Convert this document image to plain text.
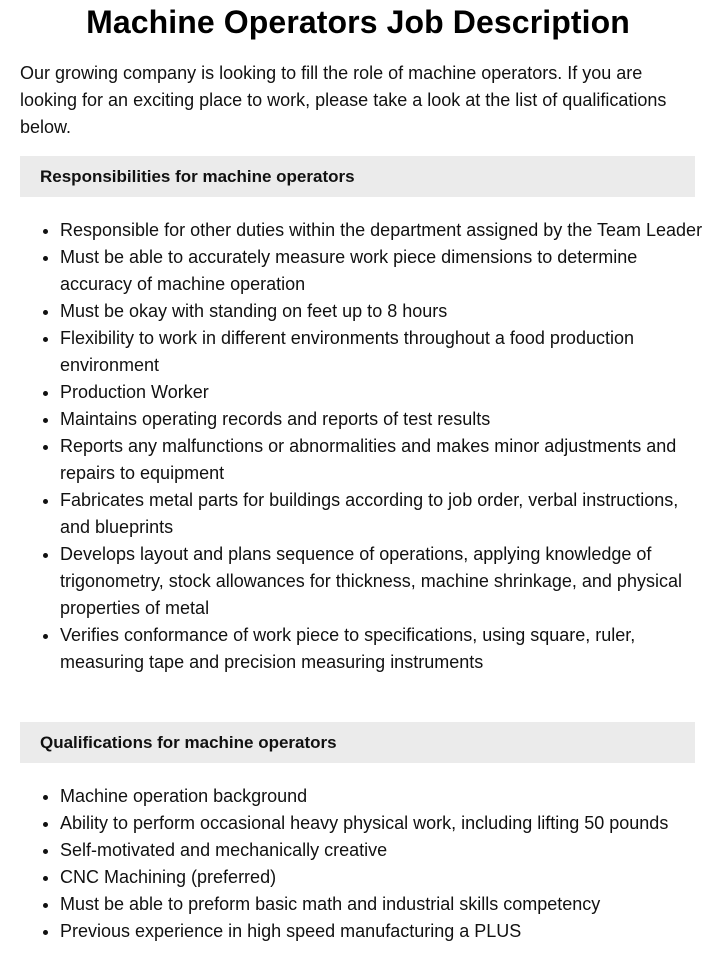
Machine Operators Job Description

Our growing company is looking to fill the role of machine operators. If you are looking for an exciting place to work, please take a look at the list of qualifications below.

Responsibilities for machine operators
• Responsible for other duties within the department assigned by the Team Leader
• Must be able to accurately measure work piece dimensions to determine accuracy of machine operation
• Must be okay with standing on feet up to 8 hours
• Flexibility to work in different environments throughout a food production environment
• Production Worker
• Maintains operating records and reports of test results
• Reports any malfunctions or abnormalities and makes minor adjustments and repairs to equipment
• Fabricates metal parts for buildings according to job order, verbal instructions, and blueprints
• Develops layout and plans sequence of operations, applying knowledge of trigonometry, stock allowances for thickness, machine shrinkage, and physical properties of metal
• Verifies conformance of work piece to specifications, using square, ruler, measuring tape and precision measuring instruments
Qualifications for machine operators
• Machine operation background
• Ability to perform occasional heavy physical work, including lifting 50 pounds
• Self-motivated and mechanically creative
• CNC Machining (preferred)
• Must be able to preform basic math and industrial skills competency
• Previous experience in high speed manufacturing a PLUS
